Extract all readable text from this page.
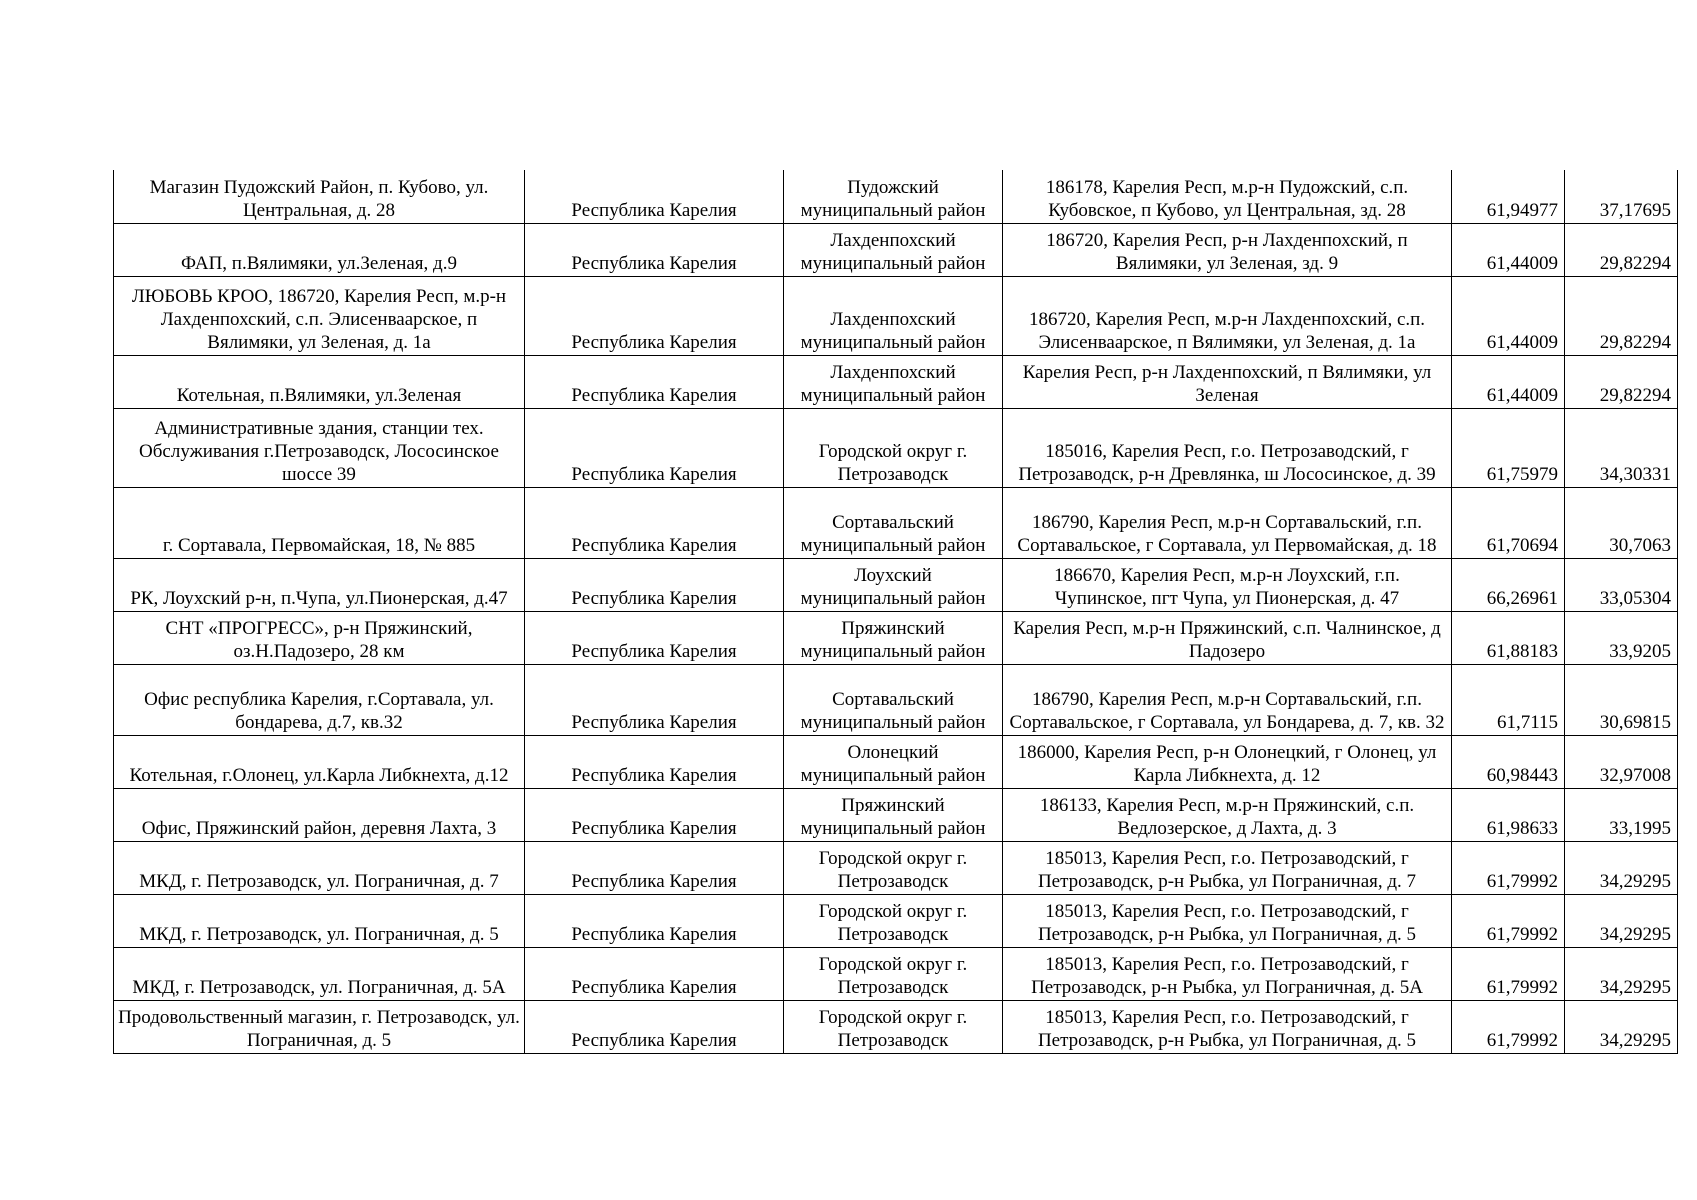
Магазин Пудожский Район, п. Кубово, ул. Центральная, д. 28	Республика Карелия	Пудожский муниципальный район	186178, Карелия Респ, м.р-н Пудожский, с.п. Кубовское, п Кубово, ул Центральная, зд. 28	61,94977	37,17695
ФАП, п.Вялимяки, ул.Зеленая, д.9	Республика Карелия	Лахденпохский муниципальный район	186720, Карелия Респ, р-н Лахденпохский, п Вялимяки, ул Зеленая, зд. 9	61,44009	29,82294
ЛЮБОВЬ КРОО, 186720, Карелия Респ, м.р-н Лахденпохский, с.п. Элисенваарское, п Вялимяки, ул Зеленая, д. 1а	Республика Карелия	Лахденпохский муниципальный район	186720, Карелия Респ, м.р-н Лахденпохский, с.п. Элисенваарское, п Вялимяки, ул Зеленая, д. 1а	61,44009	29,82294
Котельная, п.Вялимяки, ул.Зеленая	Республика Карелия	Лахденпохский муниципальный район	Карелия Респ, р-н Лахденпохский, п Вялимяки, ул Зеленая	61,44009	29,82294
Административные здания, станции тех. Обслуживания г.Петрозаводск, Лососинское шоссе 39	Республика Карелия	Городской округ г. Петрозаводск	185016, Карелия Респ, г.о. Петрозаводский, г Петрозаводск, р-н Древлянка, ш Лососинское, д. 39	61,75979	34,30331
г. Сортавала, Первомайская, 18, № 885	Республика Карелия	Сортавальский муниципальный район	186790, Карелия Респ, м.р-н Сортавальский, г.п. Сортавальское, г Сортавала, ул Первомайская, д. 18	61,70694	30,7063
РК, Лоухский р-н, п.Чупа, ул.Пионерская, д.47	Республика Карелия	Лоухский муниципальный район	186670, Карелия Респ, м.р-н Лоухский, г.п. Чупинское, пгт Чупа, ул Пионерская, д. 47	66,26961	33,05304
СНТ «ПРОГРЕСС», р-н Пряжинский, оз.Н.Падозеро, 28 км	Республика Карелия	Пряжинский муниципальный район	Карелия Респ, м.р-н Пряжинский, с.п. Чалнинское, д Падозеро	61,88183	33,9205
Офис республика Карелия, г.Сортавала, ул. бондарева, д.7, кв.32	Республика Карелия	Сортавальский муниципальный район	186790, Карелия Респ, м.р-н Сортавальский, г.п. Сортавальское, г Сортавала, ул Бондарева, д. 7, кв. 32	61,7115	30,69815
Котельная, г.Олонец, ул.Карла Либкнехта, д.12	Республика Карелия	Олонецкий муниципальный район	186000, Карелия Респ, р-н Олонецкий, г Олонец, ул Карла Либкнехта, д. 12	60,98443	32,97008
Офис, Пряжинский район, деревня Лахта, 3	Республика Карелия	Пряжинский муниципальный район	186133, Карелия Респ, м.р-н Пряжинский, с.п. Ведлозерское, д Лахта, д. 3	61,98633	33,1995
МКД, г. Петрозаводск, ул. Пограничная, д. 7	Республика Карелия	Городской округ г. Петрозаводск	185013, Карелия Респ, г.о. Петрозаводский, г Петрозаводск, р-н Рыбка, ул Пограничная, д. 7	61,79992	34,29295
МКД, г. Петрозаводск, ул. Пограничная, д. 5	Республика Карелия	Городской округ г. Петрозаводск	185013, Карелия Респ, г.о. Петрозаводский, г Петрозаводск, р-н Рыбка, ул Пограничная, д. 5	61,79992	34,29295
МКД, г. Петрозаводск, ул. Пограничная, д. 5А	Республика Карелия	Городской округ г. Петрозаводск	185013, Карелия Респ, г.о. Петрозаводский, г Петрозаводск, р-н Рыбка, ул Пограничная, д. 5А	61,79992	34,29295
Продовольственный магазин, г. Петрозаводск, ул. Пограничная, д. 5	Республика Карелия	Городской округ г. Петрозаводск	185013, Карелия Респ, г.о. Петрозаводский, г Петрозаводск, р-н Рыбка, ул Пограничная, д. 5	61,79992	34,29295
